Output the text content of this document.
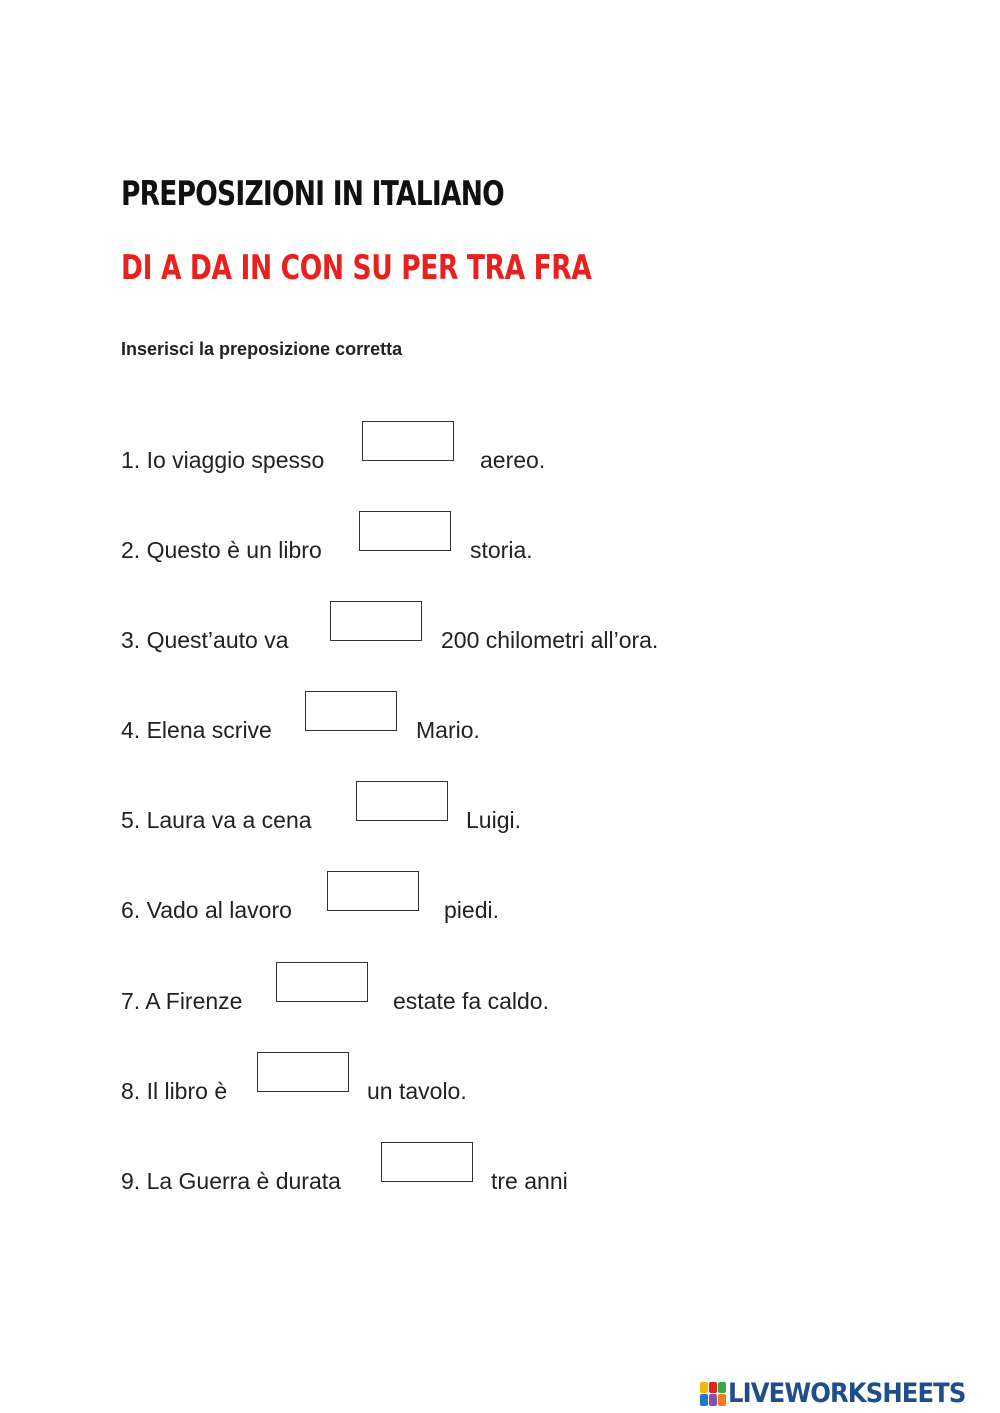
PREPOSIZIONI IN ITALIANO
DI A DA IN CON SU PER TRA FRA

Inserisci la preposizione corretta

1. Io viaggio spesso	aereo.
2. Questo è un libro	storia.
3. Quest’auto va	200 chilometri all’ora.
4. Elena scrive	Mario.
5. Laura va a cena	Luigi.
6. Vado al lavoro	piedi.
7. A Firenze	estate fa caldo.
8. Il libro è	un tavolo.
9. La Guerra è durata	tre anni
LIVEWORKSHEETS
